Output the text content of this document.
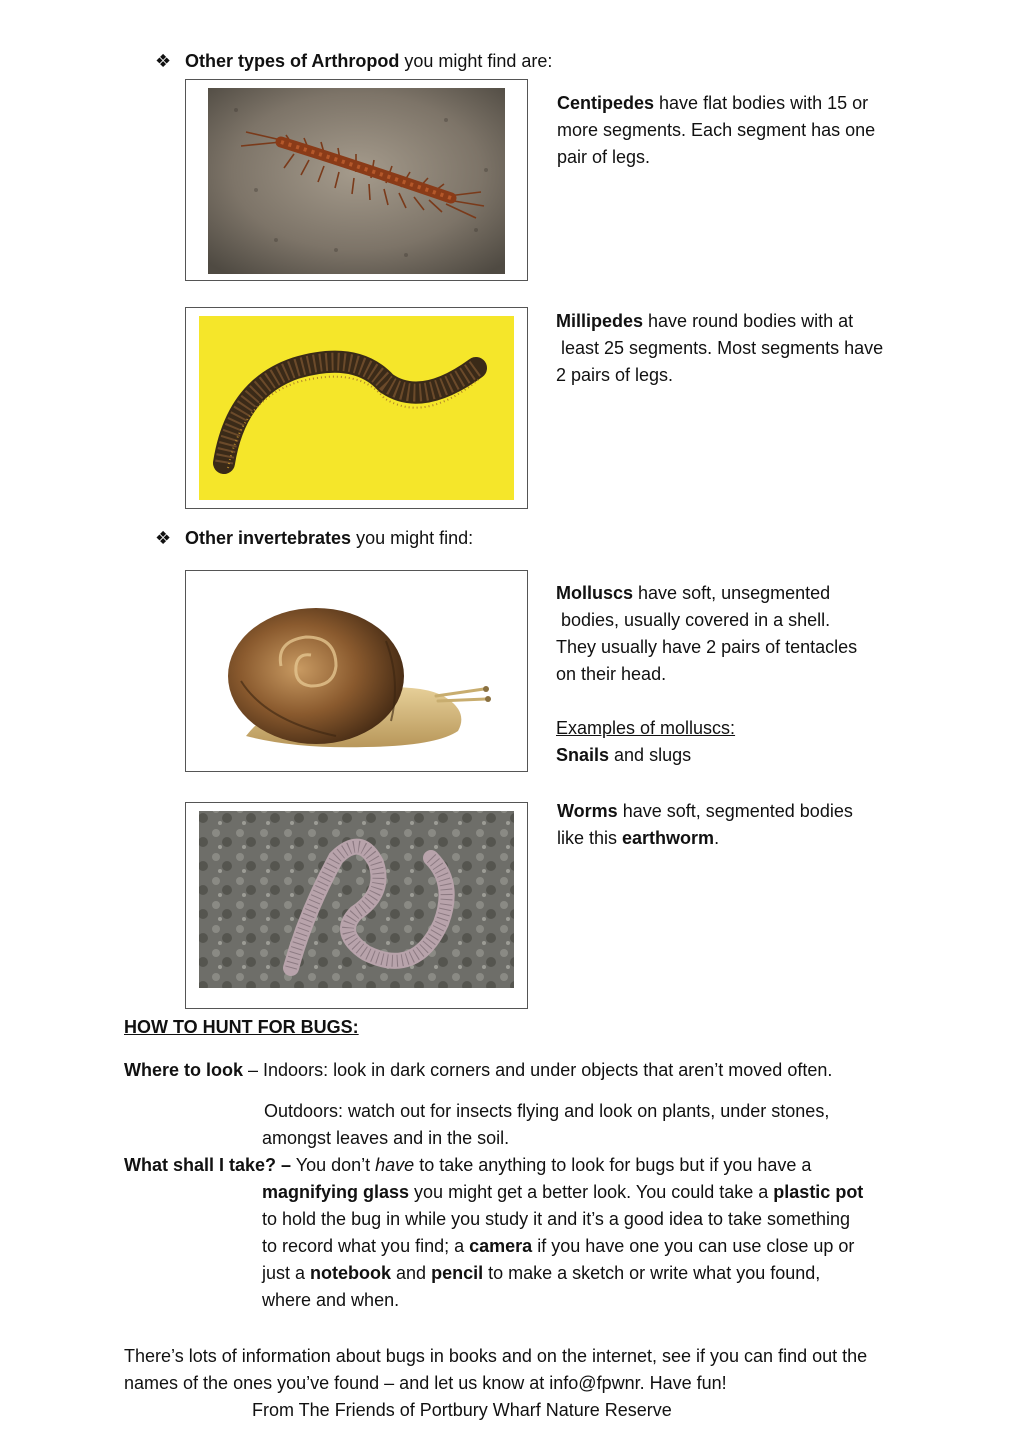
❖ Other types of Arthropod you might find are:
Centipedes have flat bodies with 15 or
more segments. Each segment has one
pair of legs.
Millipedes have round bodies with at
least 25 segments. Most segments have
2 pairs of legs.
❖ Other invertebrates you might find:
Molluscs have soft, unsegmented
bodies, usually covered in a shell.
They usually have 2 pairs of tentacles
on their head.
Examples of molluscs:
Snails and slugs
Worms have soft, segmented bodies
like this earthworm.
HOW TO HUNT FOR BUGS:
Where to look – Indoors: look in dark corners and under objects that aren’t moved often.
Outdoors: watch out for insects flying and look on plants, under stones,
amongst leaves and in the soil.
What shall I take? – You don’t have to take anything to look for bugs but if you have a
magnifying glass you might get a better look. You could take a plastic pot
to hold the bug in while you study it and it’s a good idea to take something
to record what you find; a camera if you have one you can use close up or
just a notebook and pencil to make a sketch or write what you found,
where and when.
There’s lots of information about bugs in books and on the internet, see if you can find out the
names of the ones you’ve found – and let us know at info@fpwnr. Have fun!
From The Friends of Portbury Wharf Nature Reserve
